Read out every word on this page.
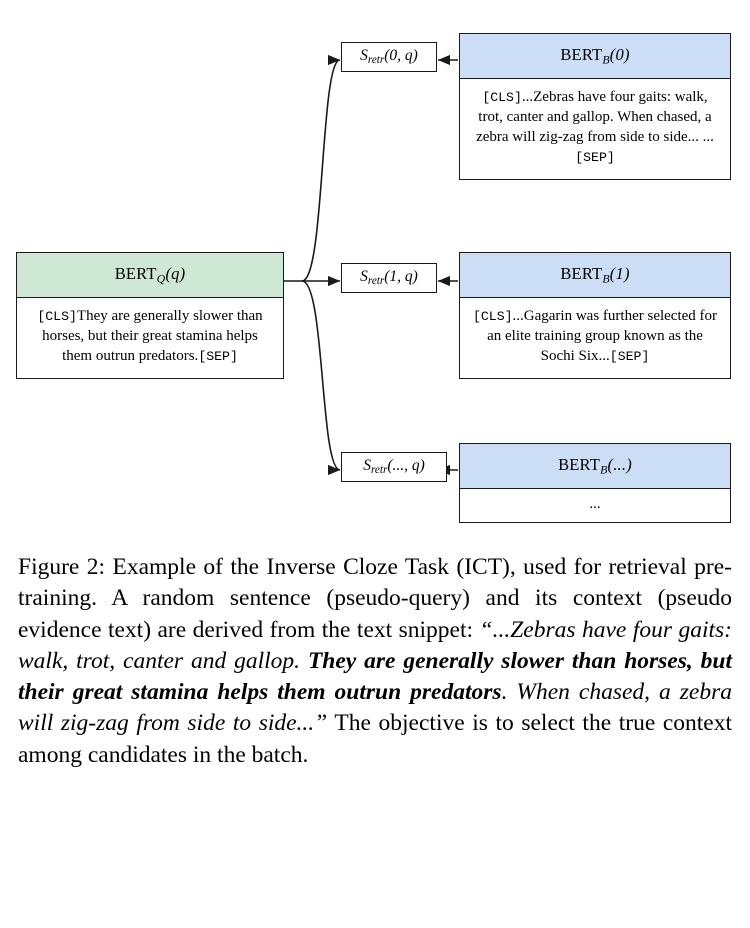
$BERT_Q(q)$
[CLS]They are generally slower than horses, but their great stamina helps them outrun predators.[SEP]
$S_{retr}(0$, q)
$S_{retr}(1$, q)
$S_{retr}$(..., q)
$BERT_B(0)$
[CLS]...Zebras have four gaits: walk, trot, canter and gallop. When chased, a zebra will zig-zag from side to side... ...[SEP]
$BERT_B(1)$
[CLS]...Gagarin was further selected for an elite training group known as the Sochi Six...[SEP]
$BERT_B(...)$
...
Figure 2: Example of the Inverse Cloze Task (ICT), used for retrieval pre-training. A random sentence (pseudo-query) and its context (pseudo evidence text) are derived from the text snippet: “...Zebras have four gaits: walk, trot, canter and gallop. They are generally slower than horses, but their great stamina helps them outrun predators. When chased, a zebra will zig-zag from side to side...” The objective is to select the true context among candidates in the batch.
